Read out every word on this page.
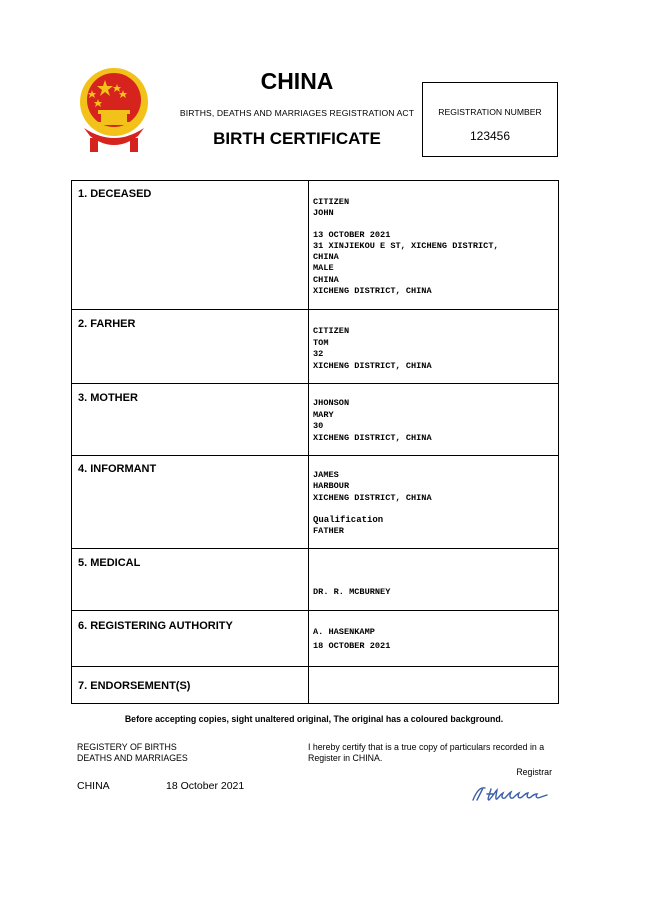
CHINA
BIRTHS, DEATHS AND MARRIAGES REGISTRATION ACT
BIRTH CERTIFICATE
REGISTRATION NUMBER
123456
1. DECEASED
CITIZEN
JOHN
13 OCTOBER 2021
31 XINJIEKOU E ST, XICHENG DISTRICT,
CHINA
MALE
CHINA
XICHENG DISTRICT, CHINA
2. FARHER
CITIZEN
TOM
32
XICHENG DISTRICT, CHINA
3. MOTHER	JHONSON
MARY
30
XICHENG DISTRICT, CHINA
4. INFORMANT	JAMES
HARBOUR
XICHENG DISTRICT, CHINA
Qualification
FATHER
5. MEDICAL
DR. R. MCBURNEY
6. REGISTERING AUTHORITY	A. HASENKAMP
18 OCTOBER 2021
7. ENDORSEMENT(S)
Before accepting copies, sight unaltered original, The original has a coloured background.
REGISTERY OF BIRTHS
DEATHS AND MARRIAGES
I hereby certify that is a true copy of particulars recorded in a
Register in CHINA.
Registrar
CHINA	18 October 2021
